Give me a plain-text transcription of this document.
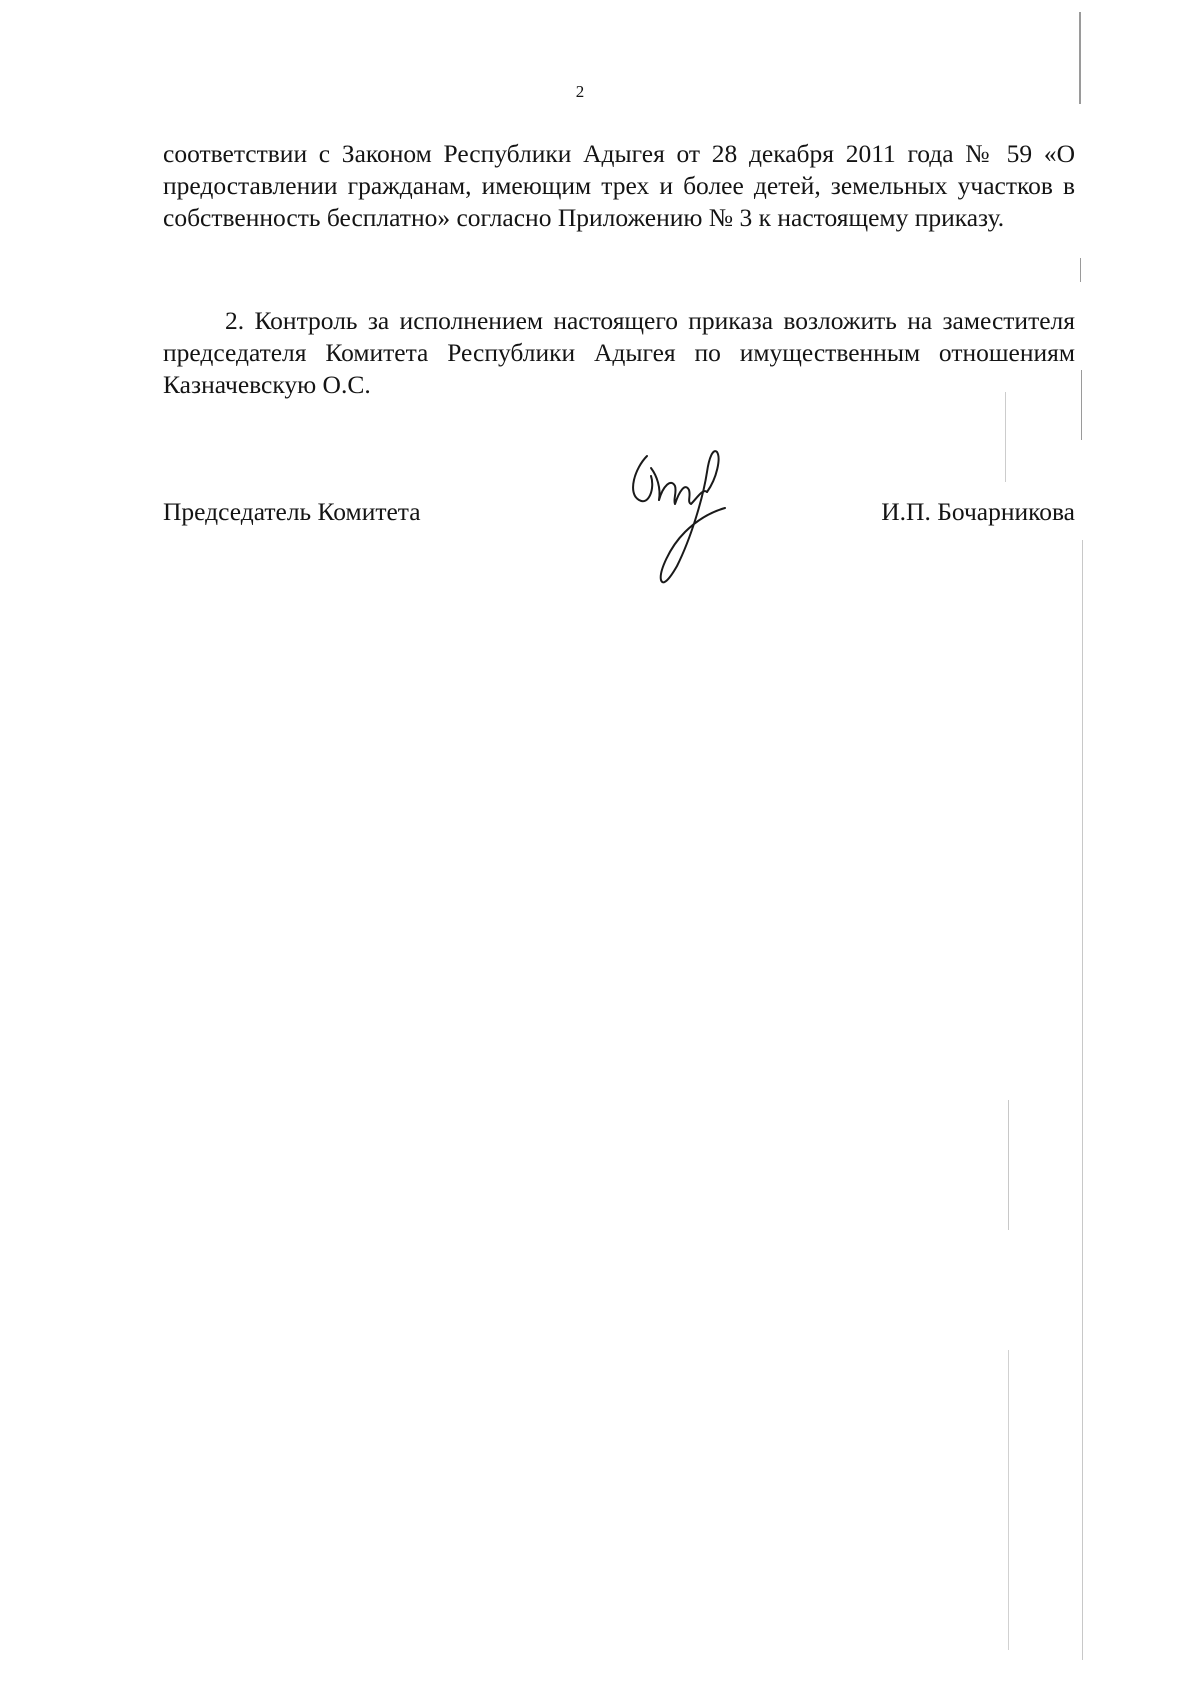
2
соответствии с Законом Республики Адыгея от 28 декабря 2011 года № 59 «О предоставлении гражданам, имеющим трех и более детей, земельных участков в собственность бесплатно» согласно Приложению № 3 к настоящему приказу.
2. Контроль за исполнением настоящего приказа возложить на заместителя председателя Комитета Республики Адыгея по имущественным отношениям Казначевскую О.С.
Председатель Комитета	И.П. Бочарникова
